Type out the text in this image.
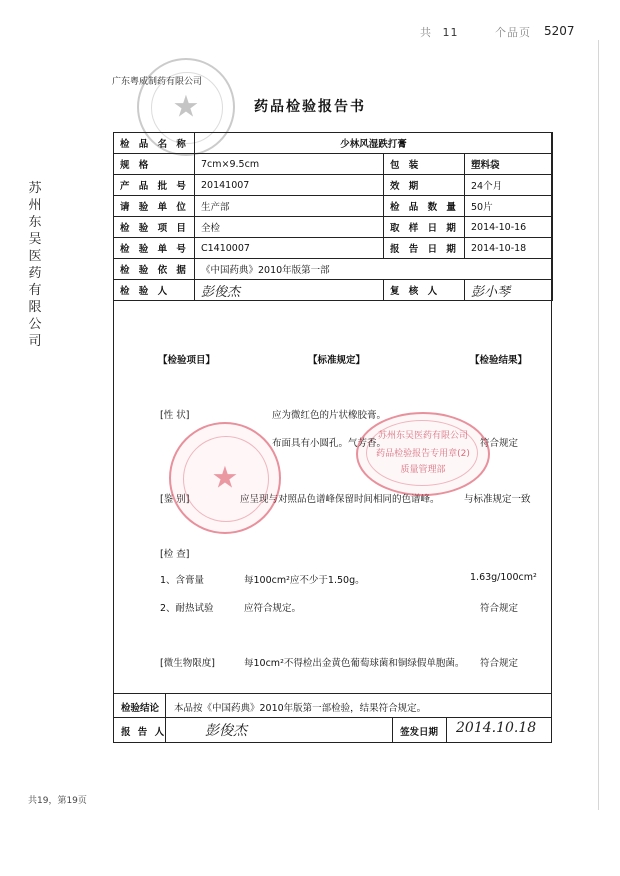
共 11	个品页 5207
广东粤威制药有限公司
药品检验报告书
苏州东吴医药有限公司
★
检 品 名 称	少林风湿跌打膏		
规 格	7cm×9.5cm	包 装	塑料袋
产 品 批 号	20141007	效 期	24个月
请 验 单 位	生产部	检 品 数 量	50片
检 验 项 目	全检	取 样 日 期	2014-10-16
检 验 单 号	C1410007	报 告 日 期	2014-10-18
检 验 依 据	《中国药典》2010年版第一部		
检 验 人	彭俊杰	复 核 人	彭小琴
【检验项目】	【标准规定】	【检验结果】
[性 状]	应为微红色的片状橡胶膏。
布面具有小圆孔。气芳香。	符合规定
[鉴 别]	应呈现与对照品色谱峰保留时间相同的色谱峰。	与标准规定一致
[检 查]
1、含膏量	每100cm²应不少于1.50g。	1.63g/100cm²
2、耐热试验	应符合规定。	符合规定
[微生物限度]	每10cm²不得检出金黄色葡萄球菌和铜绿假单胞菌。 符合规定
★
苏州东吴医药有限公司
药品检验报告专用章(2)
质量管理部
检验结论 本品按《中国药典》2010年版第一部检验，结果符合规定。
报 告 人	彭俊杰	签发日期 2014.10.18
共19，第19页
